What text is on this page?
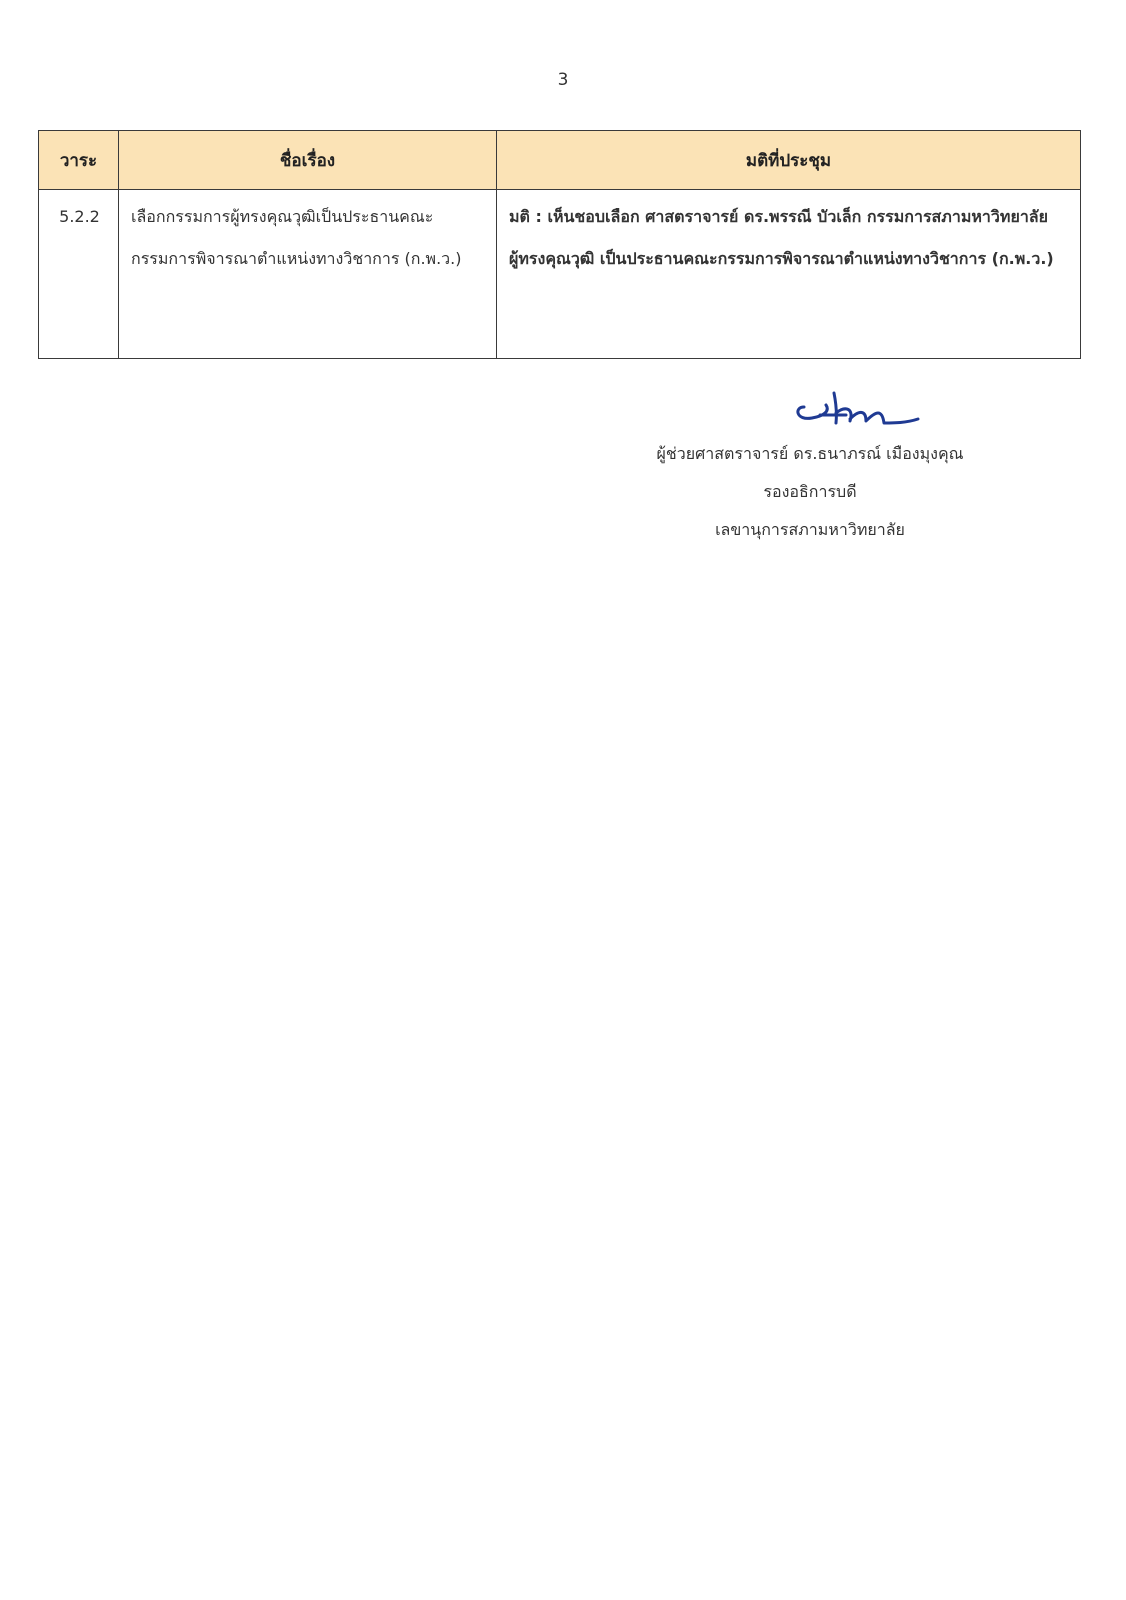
3
วาระ	ชื่อเรื่อง	มติที่ประชุม
5.2.2	เลือกกรรมการผู้ทรงคุณวุฒิเป็นประธานคณะกรรมการพิจารณาตำแหน่งทางวิชาการ (ก.พ.ว.)	มติ : เห็นชอบเลือก ศาสตราจารย์ ดร.พรรณี บัวเล็ก กรรมการสภามหาวิทยาลัยผู้ทรงคุณวุฒิ เป็นประธานคณะกรรมการพิจารณาตำแหน่งทางวิชาการ (ก.พ.ว.)
ผู้ช่วยศาสตราจารย์ ดร.ธนาภรณ์ เมืองมุงคุณ
รองอธิการบดี
เลขานุการสภามหาวิทยาลัย
